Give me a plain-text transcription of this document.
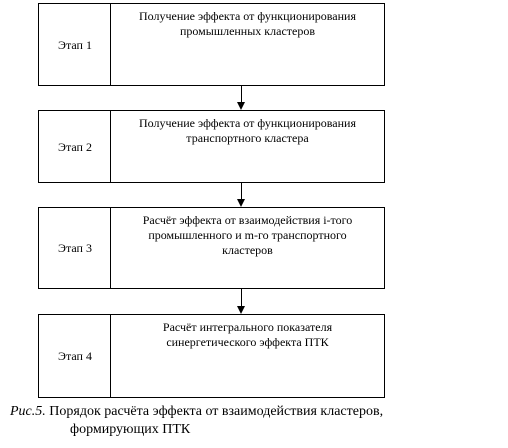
Этап 1
Получение эффекта от функционирования
промышленных кластеров
Этап 2
Получение эффекта от функционирования
транспортного кластера
Этап 3
Расчёт эффекта от взаимодействия i-того
промышленного и m-го транспортного
кластеров
Этап 4
Расчёт интегрального показателя
синергетического эффекта ПТК
Рис.5. Порядок расчёта эффекта от взаимодействия кластеров,
формирующих ПТК
